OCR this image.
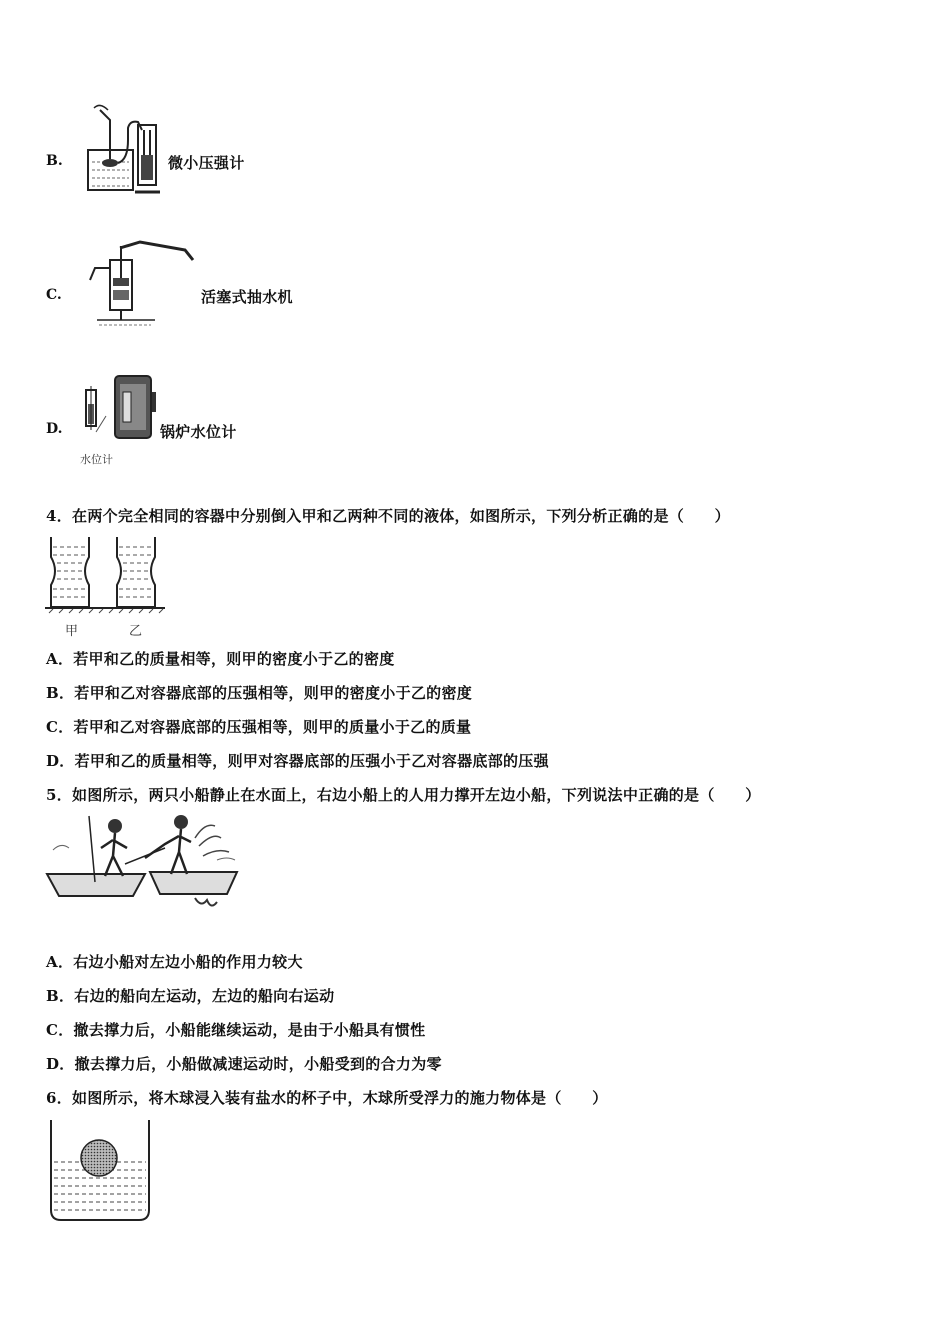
B.	微小压强计
C.	活塞式抽水机
D.
水位计
锅炉水位计
4．在两个完全相同的容器中分别倒入甲和乙两种不同的液体，如图所示，下列分析正确的是（　　）
甲	乙
A．若甲和乙的质量相等，则甲的密度小于乙的密度
B．若甲和乙对容器底部的压强相等，则甲的密度小于乙的密度
C．若甲和乙对容器底部的压强相等，则甲的质量小于乙的质量
D．若甲和乙的质量相等，则甲对容器底部的压强小于乙对容器底部的压强
5．如图所示，两只小船静止在水面上，右边小船上的人用力撑开左边小船，下列说法中正确的是（　　）
A．右边小船对左边小船的作用力较大
B．右边的船向左运动，左边的船向右运动
C．撤去撑力后，小船能继续运动，是由于小船具有惯性
D．撤去撑力后，小船做减速运动时，小船受到的合力为零
6．如图所示，将木球浸入装有盐水的杯子中，木球所受浮力的施力物体是（　　）
